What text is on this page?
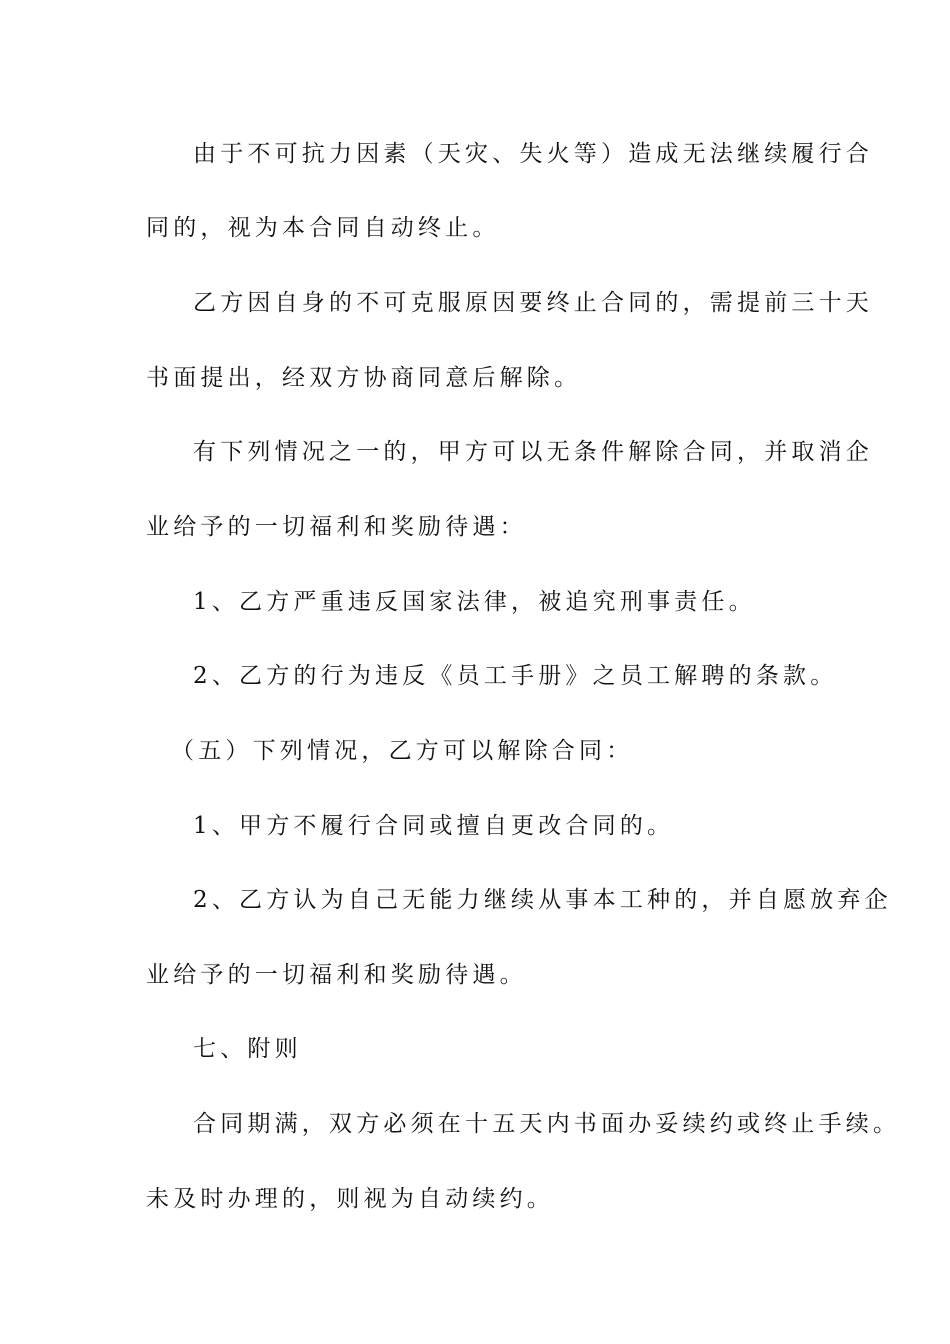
由于不可抗力因素（天灾、失火等）造成无法继续履行合
同的，视为本合同自动终止。
乙方因自身的不可克服原因要终止合同的，需提前三十天
书面提出，经双方协商同意后解除。
有下列情况之一的，甲方可以无条件解除合同，并取消企
业给予的一切福利和奖励待遇：
1、乙方严重违反国家法律，被追究刑事责任。
2、乙方的行为违反《员工手册》之员工解聘的条款。
（五）下列情况，乙方可以解除合同：
1、甲方不履行合同或擅自更改合同的。
2、乙方认为自己无能力继续从事本工种的，并自愿放弃企
业给予的一切福利和奖励待遇。
七、附则
合同期满，双方必须在十五天内书面办妥续约或终止手续。
未及时办理的，则视为自动续约。
